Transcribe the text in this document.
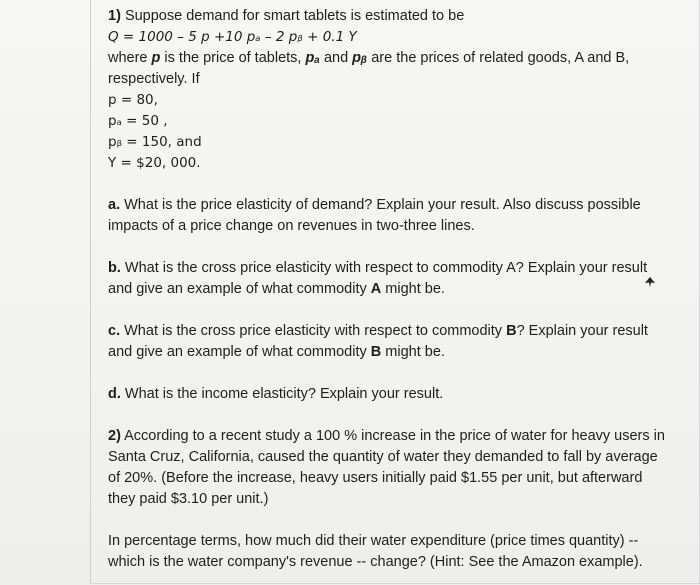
1) Suppose demand for smart tablets is estimated to be
Q = 1000 – 5 p +10 pₐ – 2 pᵦ + 0.1 Y
where p is the price of tablets, pₐ and pᵦ are the prices of related goods, A and B,
respectively. If
p = 80,
pₐ = 50 ,
pᵦ = 150, and
Y = $20, 000.
a. What is the price elasticity of demand? Explain your result. Also discuss possible
impacts of a price change on revenues in two-three lines.
b. What is the cross price elasticity with respect to commodity A? Explain your result
and give an example of what commodity A might be.
c. What is the cross price elasticity with respect to commodity B? Explain your result
and give an example of what commodity B might be.
d. What is the income elasticity? Explain your result.
2) According to a recent study a 100 % increase in the price of water for heavy users in
Santa Cruz, California, caused the quantity of water they demanded to fall by average
of 20%. (Before the increase, heavy users initially paid $1.55 per unit, but afterward
they paid $3.10 per unit.)
In percentage terms, how much did their water expenditure (price times quantity) --
which is the water company's revenue -- change? (Hint: See the Amazon example).
